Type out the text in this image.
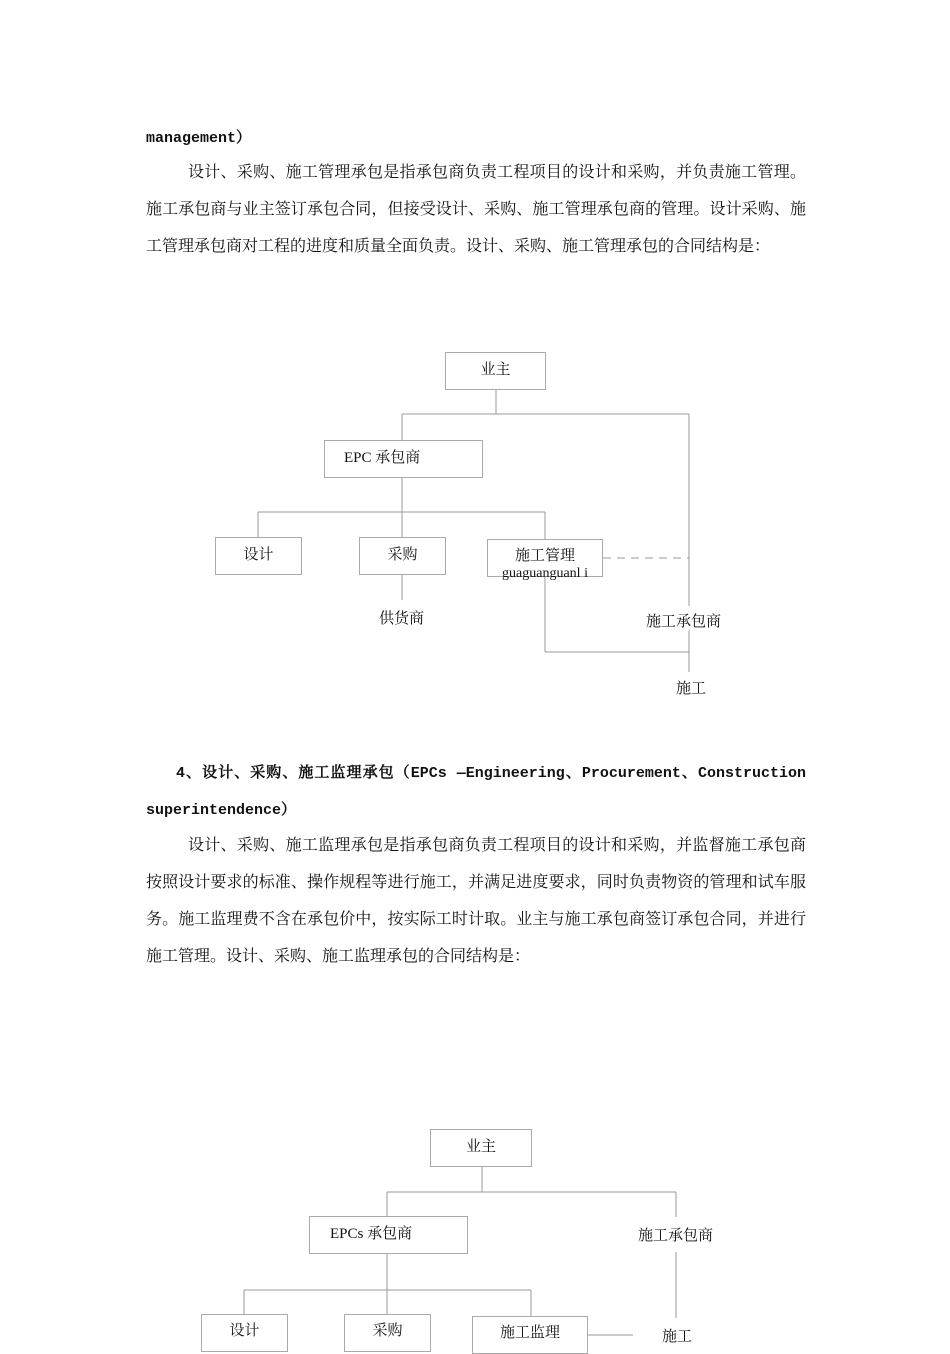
management）
设计、采购、施工管理承包是指承包商负责工程项目的设计和采购，并负责施工管理。施工承包商与业主签订承包合同，但接受设计、采购、施工管理承包商的管理。设计采购、施工管理承包商对工程的进度和质量全面负责。设计、采购、施工管理承包的合同结构是：
业主
EPC 承包商
设计	采购	施工管理
guaguanguanl i
供货商	施工承包商
施工
4、设计、采购、施工监理承包（EPCs —Engineering、Procurement、Construction superintendence）
设计、采购、施工监理承包是指承包商负责工程项目的设计和采购，并监督施工承包商按照设计要求的标准、操作规程等进行施工，并满足进度要求，同时负责物资的管理和试车服务。施工监理费不含在承包价中，按实际工时计取。业主与施工承包商签订承包合同，并进行施工管理。设计、采购、施工监理承包的合同结构是：
业主
EPCs 承包商	施工承包商
设计	采购	施工监理	施工
